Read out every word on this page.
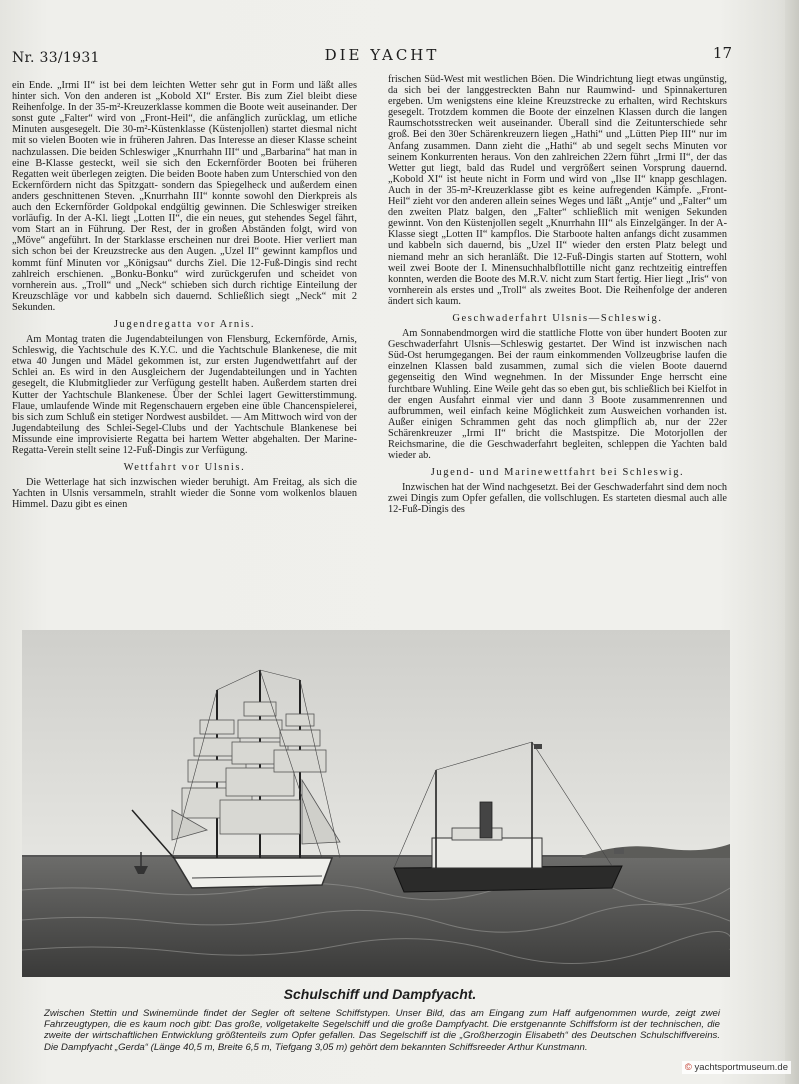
Nr. 33/1931	DIE YACHT	17

ein Ende. „Irmi II“ ist bei dem leichten Wetter sehr gut in Form und läßt alles hinter sich. Von den anderen ist „Kobold XI“ Erster. Bis zum Ziel bleibt diese Reihenfolge. In der 35-m²-Kreuzerklasse kommen die Boote weit auseinander. Der sonst gute „Falter“ wird von „Front-Heil“, die anfänglich zurücklag, um etliche Minuten ausgesegelt. Die 30-m²-Küstenklasse (Küstenjollen) startet diesmal nicht mit so vielen Booten wie in früheren Jahren. Das Interesse an dieser Klasse scheint nachzulassen. Die beiden Schleswiger „Knurrhahn III“ und „Barbarina“ hat man in eine B-Klasse gesteckt, weil sie sich den Eckernförder Booten bei früheren Regatten weit überlegen zeigten. Die beiden Boote haben zum Unterschied von den Eckernfördern nicht das Spitzgatt- sondern das Spiegelheck und außerdem einen anders geschnittenen Steven. „Knurrhahn III“ konnte sowohl den Dierkpreis als auch den Eckernförder Goldpokal endgültig gewinnen. Die Schleswiger streiken vorläufig. In der A-Kl. liegt „Lotten II“, die ein neues, gut stehendes Segel fährt, vom Start an in Führung. Der Rest, der in großen Abständen folgt, wird von „Möve“ angeführt. In der Starklasse erscheinen nur drei Boote. Hier verliert man sich schon bei der Kreuzstrecke aus den Augen. „Uzel II“ gewinnt kampflos und kommt fünf Minuten vor „Königsau“ durchs Ziel. Die 12-Fuß-Dingis sind recht zahlreich erschienen. „Bonku-Bonku“ wird zurückgerufen und scheidet von vornherein aus. „Troll“ und „Neck“ schieben sich durch richtige Einteilung der Kreuzschläge vor und kabbeln sich dauernd. Schließlich siegt „Neck“ mit 2 Sekunden.

Jugendregatta vor Arnis.

Am Montag traten die Jugendabteilungen von Flensburg, Eckernförde, Arnis, Schleswig, die Yachtschule des K.Y.C. und die Yachtschule Blankenese, die mit etwa 40 Jungen und Mädel gekommen ist, zur ersten Jugendwettfahrt auf der Schlei an. Es wird in den Ausgleichern der Jugendabteilungen und in Yachten gesegelt, die Klubmitglieder zur Verfügung gestellt haben. Außerdem starten drei Kutter der Yachtschule Blankenese. Über der Schlei lagert Gewitterstimmung. Flaue, umlaufende Winde mit Regenschauern ergeben eine üble Chancenspielerei, bis sich zum Schluß ein stetiger Nordwest ausbildet. — Am Mittwoch wird von der Jugendabteilung des Schlei-Segel-Clubs und der Yachtschule Blankenese bei Missunde eine improvisierte Regatta bei hartem Wetter abgehalten. Der Marine-Regatta-Verein stellt seine 12-Fuß-Dingis zur Verfügung.

Wettfahrt vor Ulsnis.

Die Wetterlage hat sich inzwischen wieder beruhigt. Am Freitag, als sich die Yachten in Ulsnis versammeln, strahlt wieder die Sonne vom wolkenlos blauen Himmel. Dazu gibt es einen

frischen Süd-West mit westlichen Böen. Die Windrichtung liegt etwas ungünstig, da sich bei der langgestreckten Bahn nur Raumwind- und Spinnakerturen ergeben. Um wenigstens eine kleine Kreuzstrecke zu erhalten, wird Rechtskurs gesegelt. Trotzdem kommen die Boote der einzelnen Klassen durch die langen Raumschotsstrecken weit auseinander. Überall sind die Zeitunterschiede sehr groß. Bei den 30er Schärenkreuzern liegen „Hathi“ und „Lütten Piep III“ nur im Anfang zusammen. Dann zieht die „Hathi“ ab und segelt sechs Minuten vor seinem Konkurrenten heraus. Von den zahlreichen 22ern führt „Irmi II“, der das Wetter gut liegt, bald das Rudel und vergrößert seinen Vorsprung dauernd. „Kobold XI“ ist heute nicht in Form und wird von „Ilse II“ knapp geschlagen. Auch in der 35-m²-Kreuzerklasse gibt es keine aufregenden Kämpfe. „Front-Heil“ zieht vor den anderen allein seines Weges und läßt „Antje“ und „Falter“ um den zweiten Platz balgen, den „Falter“ schließlich mit wenigen Sekunden gewinnt. Von den Küstenjollen segelt „Knurrhahn III“ als Einzelgänger. In der A-Klasse siegt „Lotten II“ kampflos. Die Starboote halten anfangs dicht zusammen und kabbeln sich dauernd, bis „Uzel II“ wieder den ersten Platz belegt und niemand mehr an sich heranläßt. Die 12-Fuß-Dingis starten auf Stottern, wohl weil zwei Boote der I. Minensuchhalbflottille nicht ganz rechtzeitig eintreffen konnten, werden die Boote des M.R.V. nicht zum Start fertig. Hier liegt „Iris“ von vornherein als erstes und „Troll“ als zweites Boot. Die Reihenfolge der anderen ändert sich kaum.

Geschwaderfahrt Ulsnis—Schleswig.

Am Sonnabendmorgen wird die stattliche Flotte von über hundert Booten zur Geschwaderfahrt Ulsnis—Schleswig gestartet. Der Wind ist inzwischen nach Süd-Ost herumgegangen. Bei der raum einkommenden Vollzeugbrise laufen die einzelnen Klassen bald zusammen, zumal sich die vielen Boote dauernd gegenseitig den Wind wegnehmen. In der Missunder Enge herrscht eine furchtbare Wuhling. Eine Weile geht das so eben gut, bis schließlich bei Kielfot in der engen Ausfahrt einmal vier und dann 3 Boote zusammenrennen und aufbrummen, weil einfach keine Möglichkeit zum Ausweichen vorhanden ist. Außer einigen Schrammen geht das noch glimpflich ab, nur der 22er Schärenkreuzer „Irmi II“ bricht die Mastspitze. Die Motorjollen der Reichsmarine, die die Geschwaderfahrt begleiten, schleppen die Yachten bald wieder ab.

Jugend- und Marinewettfahrt bei Schleswig.

Inzwischen hat der Wind nachgesetzt. Bei der Geschwaderfahrt sind dem noch zwei Dingis zum Opfer gefallen, die vollschlugen. Es starteten diesmal auch alle 12-Fuß-Dingis des

Schulschiff und Dampfyacht.
Zwischen Stettin und Swinemünde findet der Segler oft seltene Schiffstypen. Unser Bild, das am Eingang zum Haff aufgenommen wurde, zeigt zwei Fahrzeugtypen, die es kaum noch gibt: Das große, vollgetakelte Segelschiff und die große Dampfyacht. Die erstgenannte Schiffsform ist der technischen, die zweite der wirtschaftlichen Entwicklung größtenteils zum Opfer gefallen. Das Segelschiff ist die „Großherzogin Elisabeth“ des Deutschen Schulschiffvereins. Die Dampfyacht „Gerda“ (Länge 40,5 m, Breite 6,5 m, Tiefgang 3,05 m) gehört dem bekannten Schiffsreeder Arthur Kunstmann.
© yachtsportmuseum.de
